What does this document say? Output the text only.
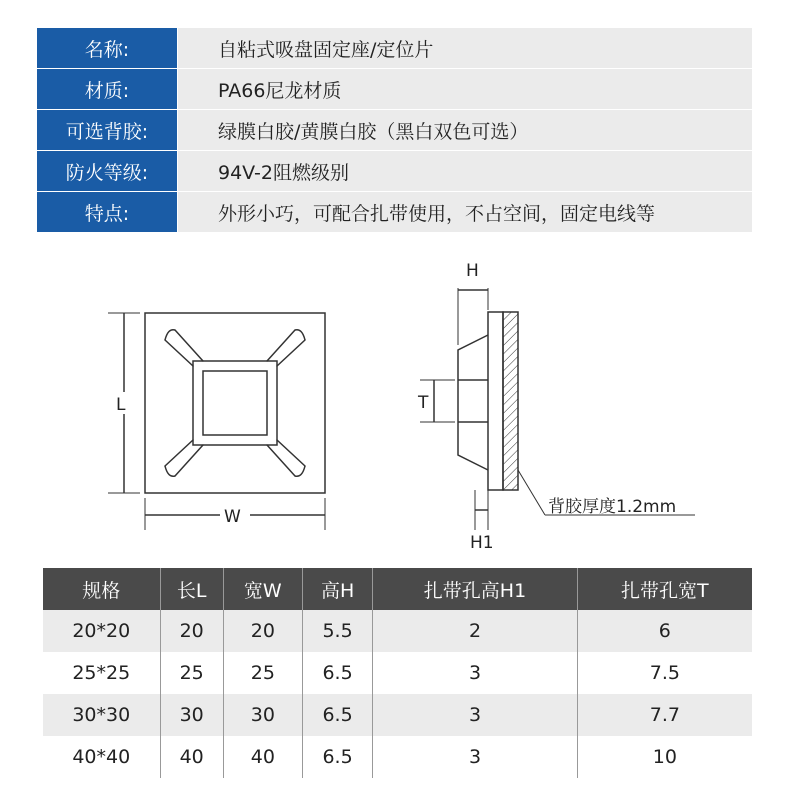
名称:	自粘式吸盘固定座/定位片
材质:	PA66尼龙材质
可选背胶:	绿膜白胶/黄膜白胶（黑白双色可选）
防火等级:	94V-2阻燃级别
特点:	外形小巧，可配合扎带使用，不占空间，固定电线等
L
W
H
T
H1
背胶厚度1.2mm
规格	长L	宽W	高H	扎带孔高H1	扎带孔宽T
20*20	20	20	5.5	2	6
25*25	25	25	6.5	3	7.5
30*30	30	30	6.5	3	7.7
40*40	40	40	6.5	3	10
